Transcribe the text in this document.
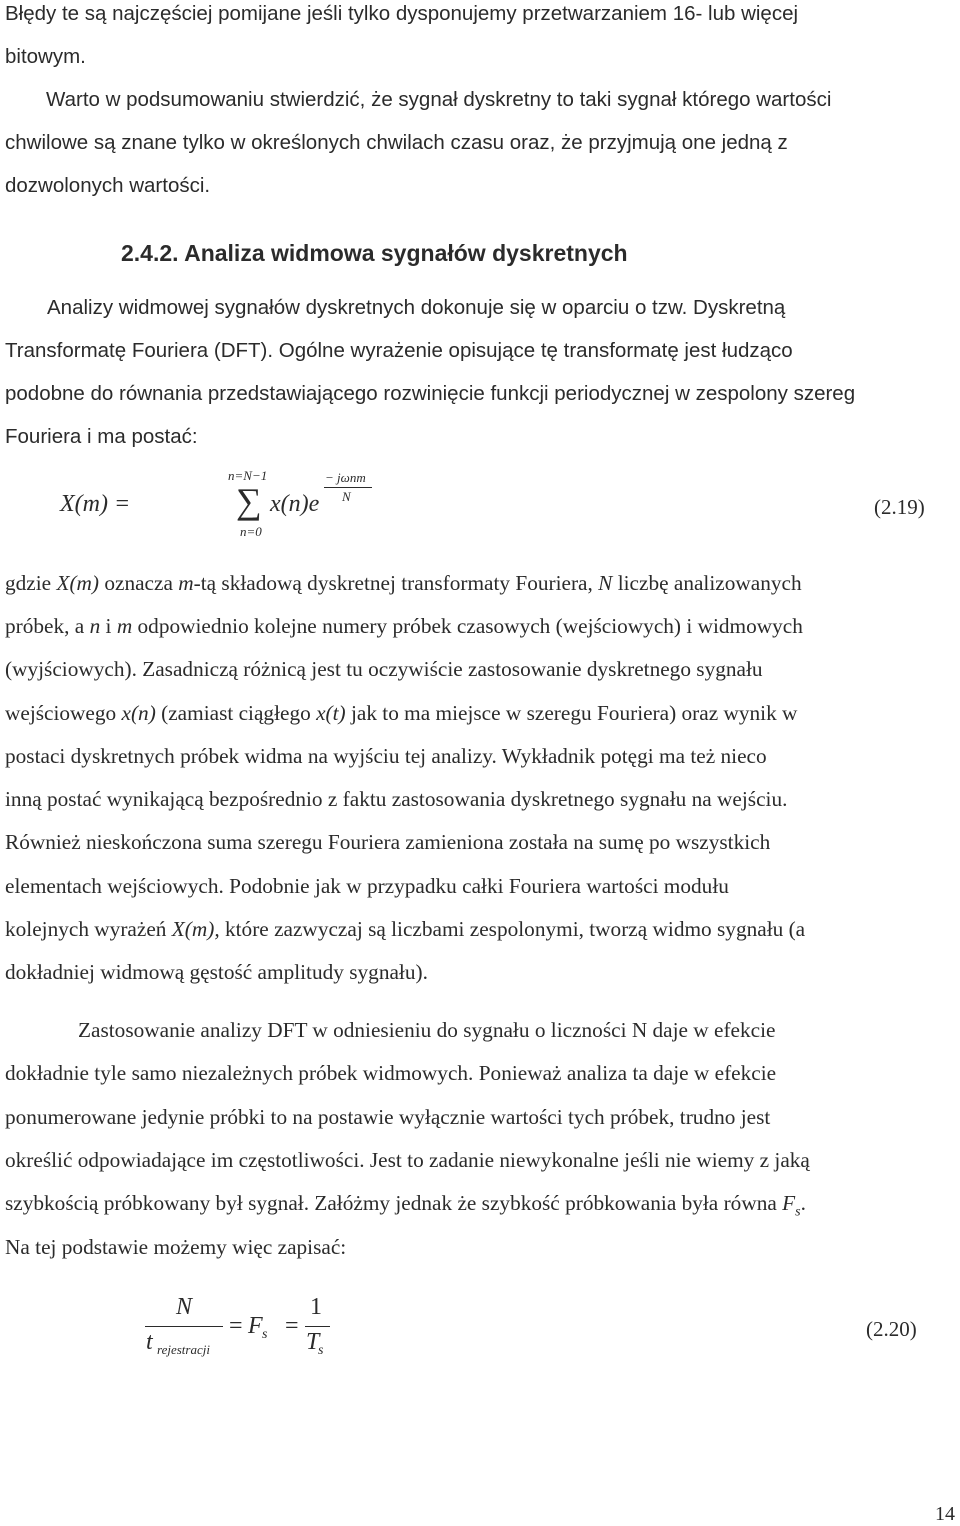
Błędy te są najczęściej pomijane jeśli tylko dysponujemy przetwarzaniem 16- lub więcej
bitowym.
Warto w podsumowaniu stwierdzić, że sygnał dyskretny to taki sygnał którego wartości
chwilowe są znane tylko w określonych chwilach czasu oraz, że przyjmują one jedną z
dozwolonych wartości.
2.4.2. Analiza widmowa sygnałów dyskretnych
Analizy widmowej sygnałów dyskretnych dokonuje się w oparciu o tzw. Dyskretną
Transformatę Fouriera (DFT). Ogólne wyrażenie opisujące tę transformatę jest łudząco
podobne do równania przedstawiającego rozwinięcie funkcji periodycznej w zespolony szereg
Fouriera i ma postać:
X(m) =
n=N−1
∑
n=0
x(n)e
− jωnm
N	(2.19)
gdzie X(m) oznacza m-tą składową dyskretnej transformaty Fouriera, N liczbę analizowanych
próbek, a n i m odpowiednio kolejne numery próbek czasowych (wejściowych) i widmowych
(wyjściowych). Zasadniczą różnicą jest tu oczywiście zastosowanie dyskretnego sygnału
wejściowego x(n) (zamiast ciągłego x(t) jak to ma miejsce w szeregu Fouriera) oraz wynik w
postaci dyskretnych próbek widma na wyjściu tej analizy. Wykładnik potęgi ma też nieco
inną postać wynikającą bezpośrednio z faktu zastosowania dyskretnego sygnału na wejściu.
Również nieskończona suma szeregu Fouriera zamieniona została na sumę po wszystkich
elementach wejściowych. Podobnie jak w przypadku całki Fouriera wartości modułu
kolejnych wyrażeń X(m), które zazwyczaj są liczbami zespolonymi, tworzą widmo sygnału (a
dokładniej widmową gęstość amplitudy sygnału).
Zastosowanie analizy DFT w odniesieniu do sygnału o liczności N daje w efekcie
dokładnie tyle samo niezależnych próbek widmowych. Ponieważ analiza ta daje w efekcie
ponumerowane jedynie próbki to na postawie wyłącznie wartości tych próbek, trudno jest
określić odpowiadające im częstotliwości. Jest to zadanie niewykonalne jeśli nie wiemy z jaką
szybkością próbkowany był sygnał. Załóżmy jednak że szybkość próbkowania była równa $F_s$.
Na tej podstawie możemy więc zapisać:
N
t rejestracji
= F s =
1
T
s
(2.20)
14
